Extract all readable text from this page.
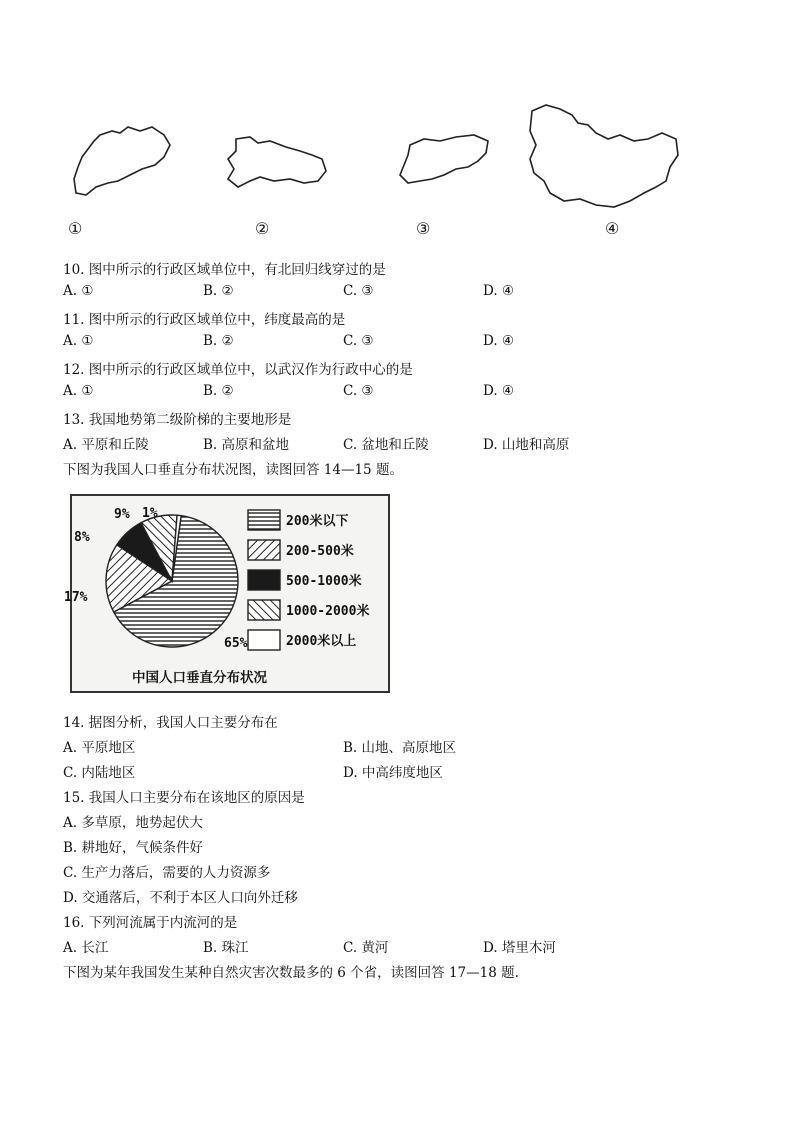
①	②	③	④
10. 图中所示的行政区域单位中，有北回归线穿过的是
A. ①	B. ②	C. ③	D. ④
11. 图中所示的行政区域单位中，纬度最高的是
A. ①	B. ②	C. ③	D. ④
12. 图中所示的行政区域单位中，以武汉作为行政中心的是
A. ①	B. ②	C. ③	D. ④
13. 我国地势第二级阶梯的主要地形是
A. 平原和丘陵	B. 高原和盆地	C. 盆地和丘陵	D. 山地和高原
下图为我国人口垂直分布状况图，读图回答 14—15 题。
65%
17%
8%
9% 1%
200米以下
200-500米
500-1000米
1000-2000米
2000米以上
中国人口垂直分布状况
14. 据图分析，我国人口主要分布在
A. 平原地区	B. 山地、高原地区
C. 内陆地区	D. 中高纬度地区
15. 我国人口主要分布在该地区的原因是
A. 多草原，地势起伏大
B. 耕地好，气候条件好
C. 生产力落后，需要的人力资源多
D. 交通落后，不利于本区人口向外迁移
16. 下列河流属于内流河的是
A. 长江	B. 珠江	C. 黄河	D. 塔里木河
下图为某年我国发生某种自然灾害次数最多的 6 个省，读图回答 17—18 题.
